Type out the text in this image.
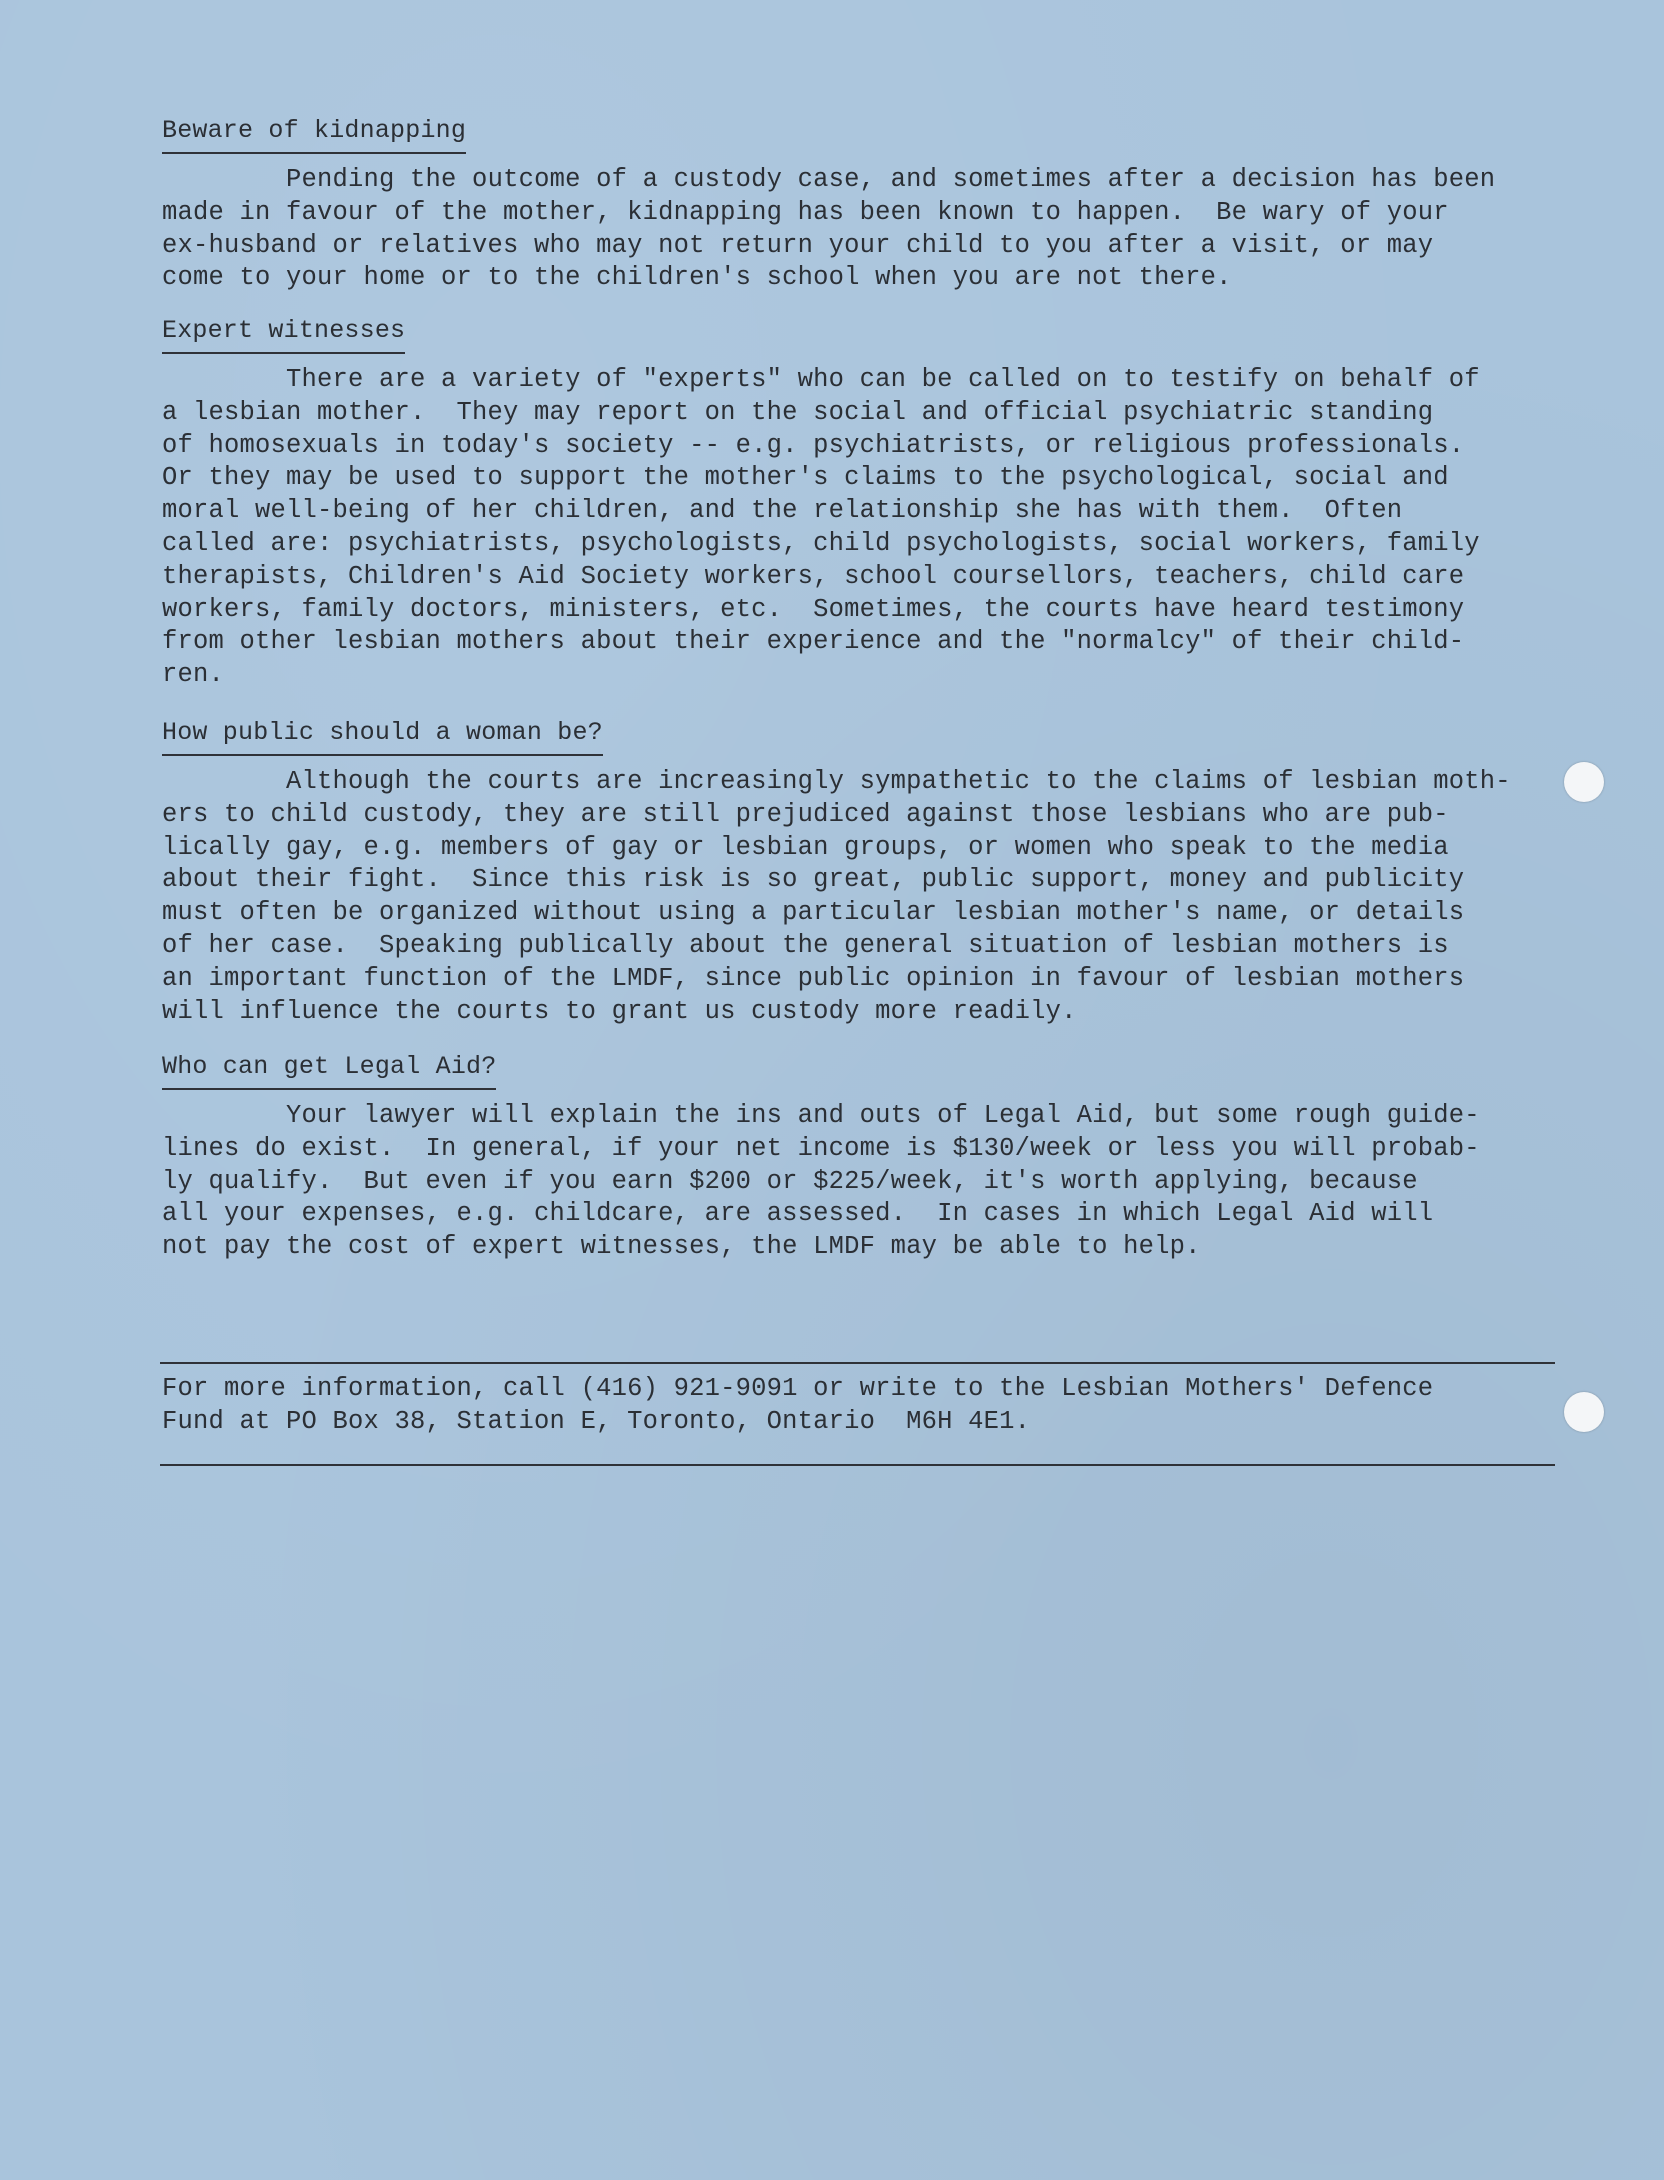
Beware of kidnapping
Pending the outcome of a custody case, and sometimes after a decision has been
made in favour of the mother, kidnapping has been known to happen.  Be wary of your
ex-husband or relatives who may not return your child to you after a visit, or may
come to your home or to the children's school when you are not there.
Expert witnesses
There are a variety of "experts" who can be called on to testify on behalf of
a lesbian mother.  They may report on the social and official psychiatric standing
of homosexuals in today's society -- e.g. psychiatrists, or religious professionals.
Or they may be used to support the mother's claims to the psychological, social and
moral well-being of her children, and the relationship she has with them.  Often
called are: psychiatrists, psychologists, child psychologists, social workers, family
therapists, Children's Aid Society workers, school coursellors, teachers, child care
workers, family doctors, ministers, etc.  Sometimes, the courts have heard testimony
from other lesbian mothers about their experience and the "normalcy" of their child-
ren.
How public should a woman be?
Although the courts are increasingly sympathetic to the claims of lesbian moth-
ers to child custody, they are still prejudiced against those lesbians who are pub-
lically gay, e.g. members of gay or lesbian groups, or women who speak to the media
about their fight.  Since this risk is so great, public support, money and publicity
must often be organized without using a particular lesbian mother's name, or details
of her case.  Speaking publically about the general situation of lesbian mothers is
an important function of the LMDF, since public opinion in favour of lesbian mothers
will influence the courts to grant us custody more readily.
Who can get Legal Aid?
Your lawyer will explain the ins and outs of Legal Aid, but some rough guide-
lines do exist.  In general, if your net income is $130/week or less you will probab-
ly qualify.  But even if you earn $200 or $225/week, it's worth applying, because
all your expenses, e.g. childcare, are assessed.  In cases in which Legal Aid will
not pay the cost of expert witnesses, the LMDF may be able to help.
For more information, call (416) 921-9091 or write to the Lesbian Mothers' Defence
Fund at PO Box 38, Station E, Toronto, Ontario  M6H 4E1.
